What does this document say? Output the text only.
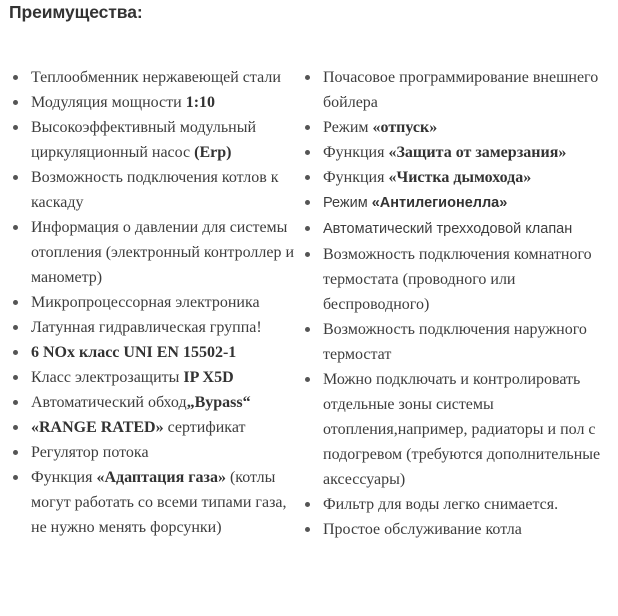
Преимущества:
Теплообменник нержавеющей стали
Модуляция мощности 1:10
Высокоэффективный модульный циркуляционный насос (Erp)
Возможность подключения котлов к каскаду
Информация о давлении для системы отопления (электронный контроллер и манометр)
Микропроцессорная электроника
Латунная гидравлическая группа!
6 NOx класс UNI EN 15502-1
Класс электрозащиты IP X5D
Автоматический обход„Bypass“
«RANGE RATED» сертификат
Регулятор потока
Функция «Адаптация газа» (котлы могут работать со всеми типами газа, не нужно менять форсунки)
Почасовое программирование внешнего бойлера
Режим «отпуск»
Функция «Защита от замерзания»
Функция «Чистка дымохода»
Режим «Антилегионелла»
Автоматический трехходовой клапан
Возможность подключения комнатного термостата (проводного или беспроводного)
Возможность подключения наружного термостат
Можно подключать и контролировать отдельные зоны системы отопления,например, радиаторы и пол с подогревом (требуются дополнительные аксессуары)
Фильтр для воды легко снимается.
Простое обслуживание котла
